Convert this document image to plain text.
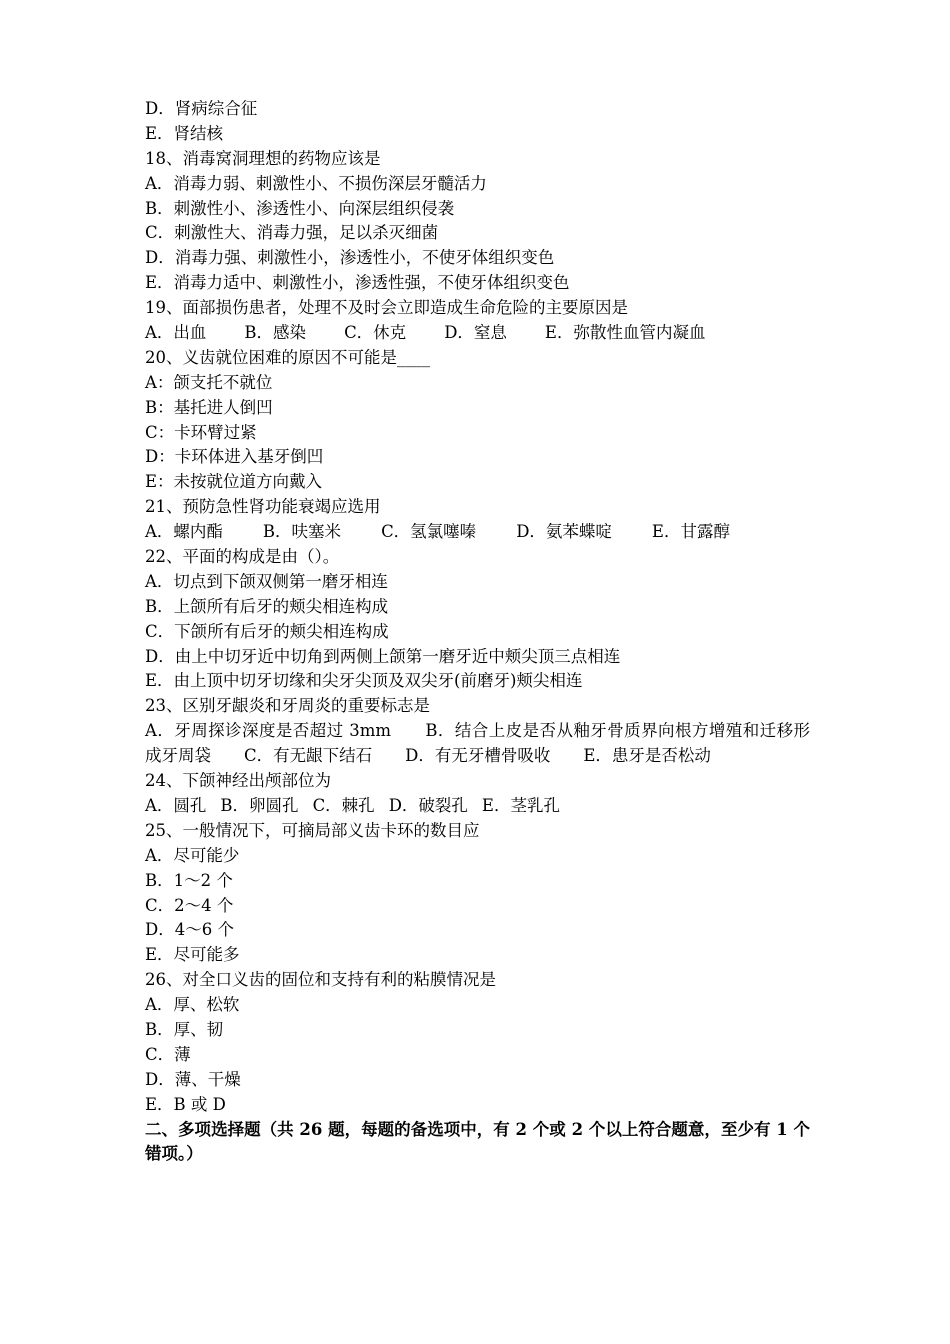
D．肾病综合征
E．肾结核
18、消毒窝洞理想的药物应该是
A．消毒力弱、刺激性小、不损伤深层牙髓活力
B．刺激性小、渗透性小、向深层组织侵袭
C．刺激性大、消毒力强，足以杀灭细菌
D．消毒力强、刺激性小，渗透性小，不使牙体组织变色
E．消毒力适中、刺激性小，渗透性强，不使牙体组织变色
19、面部损伤患者，处理不及时会立即造成生命危险的主要原因是
A．出血 B．感染 C．休克 D．窒息 E．弥散性血管内凝血
20、义齿就位困难的原因不可能是____
A：颌支托不就位
B：基托进人倒凹
C：卡环臂过紧
D：卡环体进入基牙倒凹
E：未按就位道方向戴入
21、预防急性肾功能衰竭应选用
A．螺内酯 B．呋塞米 C．氢氯噻嗪 D．氨苯蝶啶 E．甘露醇
22、平面的构成是由（）。
A．切点到下颌双侧第一磨牙相连
B．上颌所有后牙的颊尖相连构成
C．下颌所有后牙的颊尖相连构成
D．由上中切牙近中切角到两侧上颌第一磨牙近中颊尖顶三点相连
E．由上顶中切牙切缘和尖牙尖顶及双尖牙(前磨牙)颊尖相连
23、区别牙龈炎和牙周炎的重要标志是
A．牙周探诊深度是否超过 3mm　　B．结合上皮是否从釉牙骨质界向根方增殖和迁移形成牙周袋　　C．有无龈下结石　　D．有无牙槽骨吸收　　E．患牙是否松动
24、下颌神经出颅部位为
A．圆孔 B．卵圆孔 C．棘孔 D．破裂孔 E．茎乳孔
25、一般情况下，可摘局部义齿卡环的数目应
A．尽可能少
B．1～2 个
C．2～4 个
D．4～6 个
E．尽可能多
26、对全口义齿的固位和支持有利的粘膜情况是
A．厚、松软
B．厚、韧
C．薄
D．薄、干燥
E．B 或 D
二、多项选择题（共 26 题，每题的备选项中，有 2 个或 2 个以上符合题意，至少有 1 个错项。）
